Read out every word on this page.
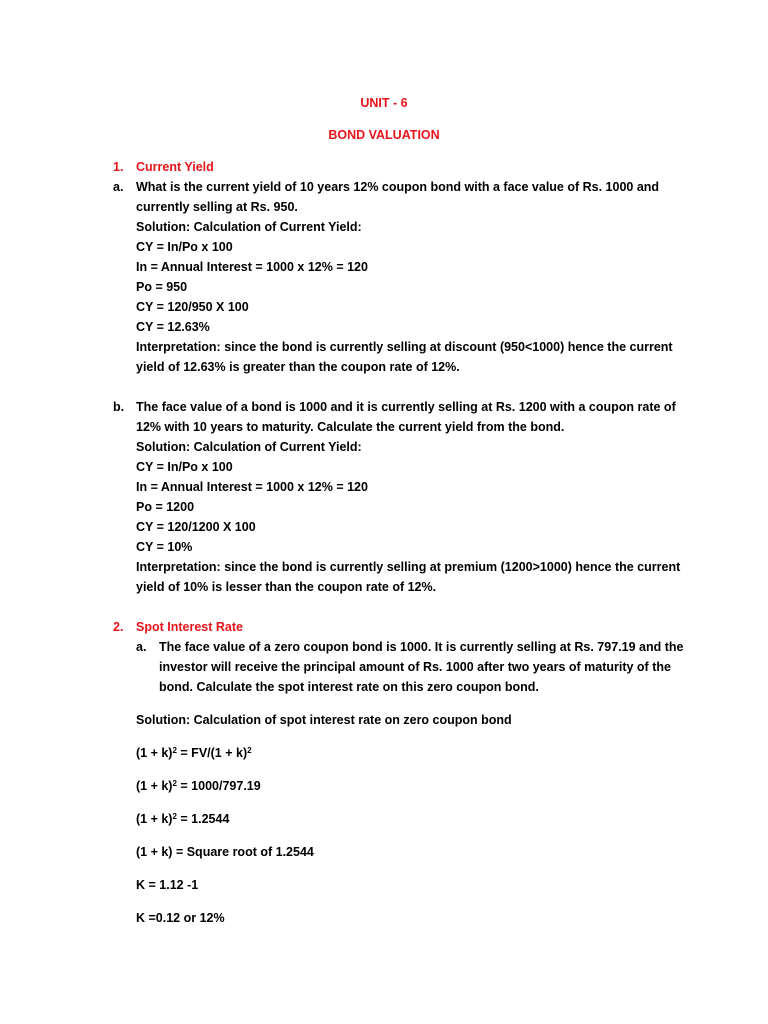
UNIT - 6
BOND VALUATION
1. Current Yield
a. What is the current yield of 10 years 12% coupon bond with a face value of Rs. 1000 and
currently selling at Rs. 950.
Solution: Calculation of Current Yield:
CY = In/Po x 100
In = Annual Interest = 1000 x 12% = 120
Po = 950
CY = 120/950 X 100
CY = 12.63%
Interpretation: since the bond is currently selling at discount (950<1000) hence the current
yield of 12.63% is greater than the coupon rate of 12%.
b. The face value of a bond is 1000 and it is currently selling at Rs. 1200 with a coupon rate of
12% with 10 years to maturity. Calculate the current yield from the bond.
Solution: Calculation of Current Yield:
CY = In/Po x 100
In = Annual Interest = 1000 x 12% = 120
Po = 1200
CY = 120/1200 X 100
CY = 10%
Interpretation: since the bond is currently selling at premium (1200>1000) hence the current
yield of 10% is lesser than the coupon rate of 12%.
2. Spot Interest Rate
a. The face value of a zero coupon bond is 1000. It is currently selling at Rs. 797.19 and the
investor will receive the principal amount of Rs. 1000 after two years of maturity of the
bond. Calculate the spot interest rate on this zero coupon bond.
Solution: Calculation of spot interest rate on zero coupon bond
$(1 + k)^2 = FV/(1 + k)^2$
$(1 + k)^2 = 1000/797.19$
$(1 + k)^2 = 1.2544$
(1 + k) = Square root of 1.2544
K = 1.12 -1
K =0.12 or 12%
